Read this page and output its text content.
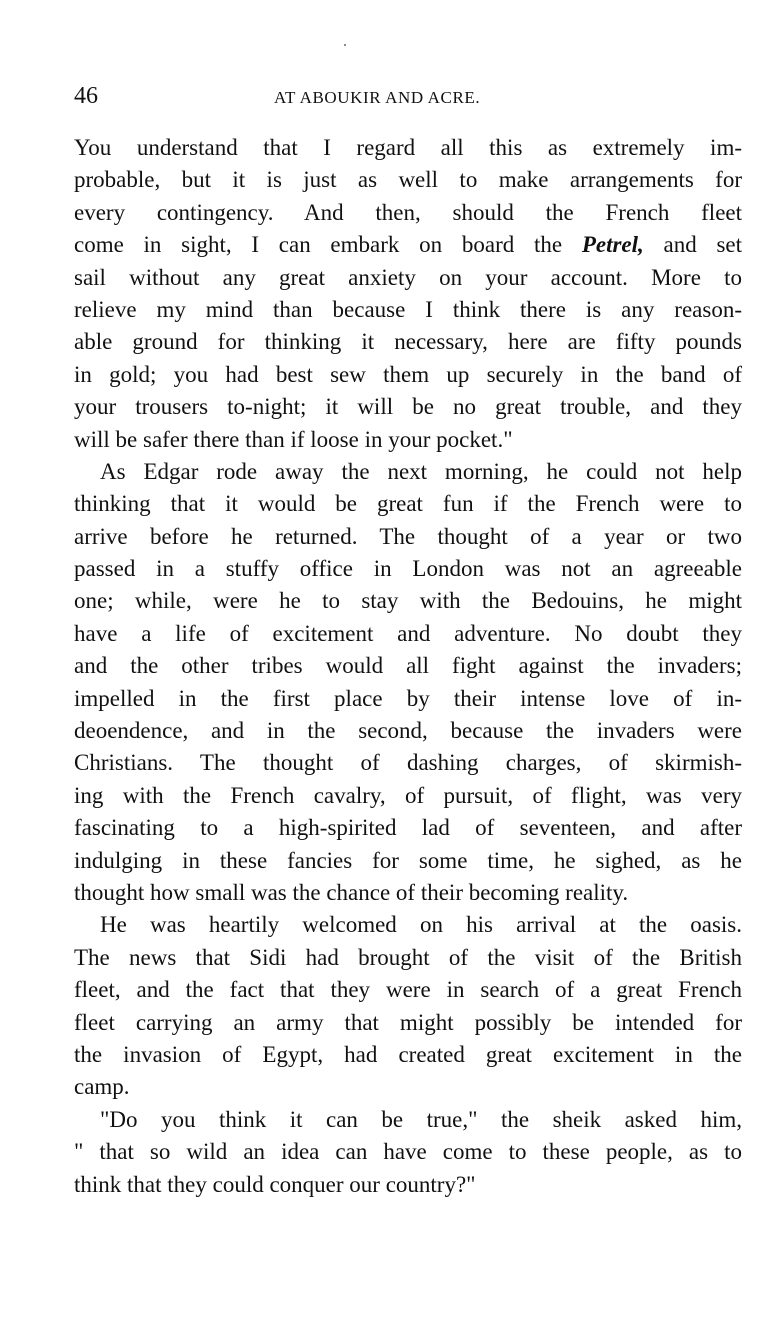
46	AT ABOUKIR AND ACRE.
You understand that I regard all this as extremely im-
probable, but it is just as well to make arrangements for
every contingency. And then, should the French fleet
come in sight, I can embark on board the Petrel, and set
sail without any great anxiety on your account. More to
relieve my mind than because I think there is any reason-
able ground for thinking it necessary, here are fifty pounds
in gold; you had best sew them up securely in the band of
your trousers to-night; it will be no great trouble, and they
will be safer there than if loose in your pocket."
As Edgar rode away the next morning, he could not help
thinking that it would be great fun if the French were to
arrive before he returned. The thought of a year or two
passed in a stuffy office in London was not an agreeable
one; while, were he to stay with the Bedouins, he might
have a life of excitement and adventure. No doubt they
and the other tribes would all fight against the invaders;
impelled in the first place by their intense love of in-
deoendence, and in the second, because the invaders were
Christians. The thought of dashing charges, of skirmish-
ing with the French cavalry, of pursuit, of flight, was very
fascinating to a high-spirited lad of seventeen, and after
indulging in these fancies for some time, he sighed, as he
thought how small was the chance of their becoming reality.
He was heartily welcomed on his arrival at the oasis.
The news that Sidi had brought of the visit of the British
fleet, and the fact that they were in search of a great French
fleet carrying an army that might possibly be intended for
the invasion of Egypt, had created great excitement in the
camp.
"Do you think it can be true," the sheik asked him,
" that so wild an idea can have come to these people, as to
think that they could conquer our country?"
